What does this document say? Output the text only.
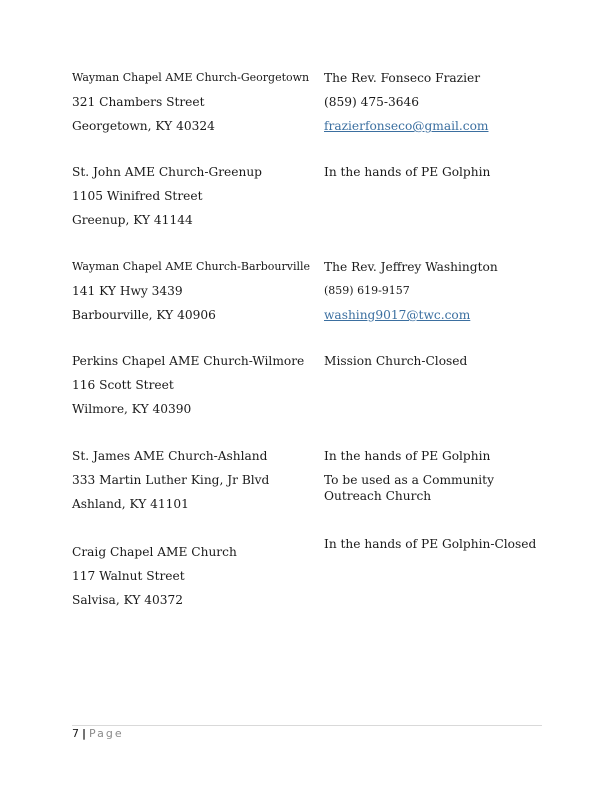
Wayman Chapel AME Church-Georgetown
321 Chambers Street
Georgetown, KY 40324
The Rev. Fonseco Frazier
(859) 475-3646
frazierfonseco@gmail.com
St. John AME Church-Greenup
1105 Winifred Street
Greenup, KY 41144
In the hands of PE Golphin
Wayman Chapel AME Church-Barbourville
141 KY Hwy 3439
Barbourville, KY 40906
The Rev. Jeffrey Washington
(859) 619-9157
washing9017@twc.com
Perkins Chapel AME Church-Wilmore
116 Scott Street
Wilmore, KY 40390
Mission Church-Closed
St. James AME Church-Ashland
333 Martin Luther King, Jr Blvd
Ashland, KY 41101
In the hands of PE Golphin
To be used as a Community Outreach Church
Craig Chapel AME Church
117 Walnut Street
Salvisa, KY 40372
In the hands of PE Golphin-Closed
7 | Page
